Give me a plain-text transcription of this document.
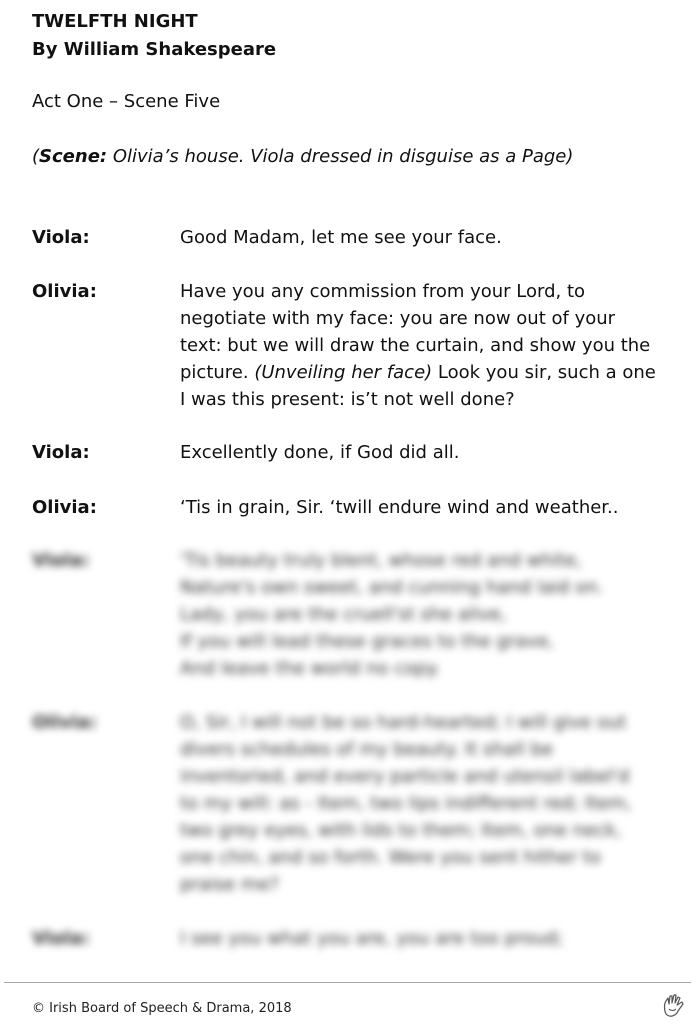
TWELFTH NIGHT
By William Shakespeare
Act One – Scene Five
(Scene: Olivia’s house. Viola dressed in disguise as a Page)
Viola:	Good Madam, let me see your face.
Olivia:	Have you any commission from your Lord, to
negotiate with my face: you are now out of your
text: but we will draw the curtain, and show you the
picture. (Unveiling her face) Look you sir, such a one
I was this present: is’t not well done?
Viola:	Excellently done, if God did all.
Olivia:	‘Tis in grain, Sir. ‘twill endure wind and weather..
Viola:	'Tis beauty truly blent, whose red and white,
Nature's own sweet, and cunning hand laid on.
Lady, you are the cruell'st she alive,
If you will lead these graces to the grave,
And leave the world no copy.
Olivia:	O, Sir, I will not be so hard-hearted; I will give out
divers schedules of my beauty. It shall be
inventoried, and every particle and utensil label'd
to my will: as - Item, two lips indifferent red; Item,
two grey eyes, with lids to them; Item, one neck,
one chin, and so forth. Were you sent hither to
praise me?
Viola:	I see you what you are, you are too proud;
© Irish Board of Speech & Drama, 2018
